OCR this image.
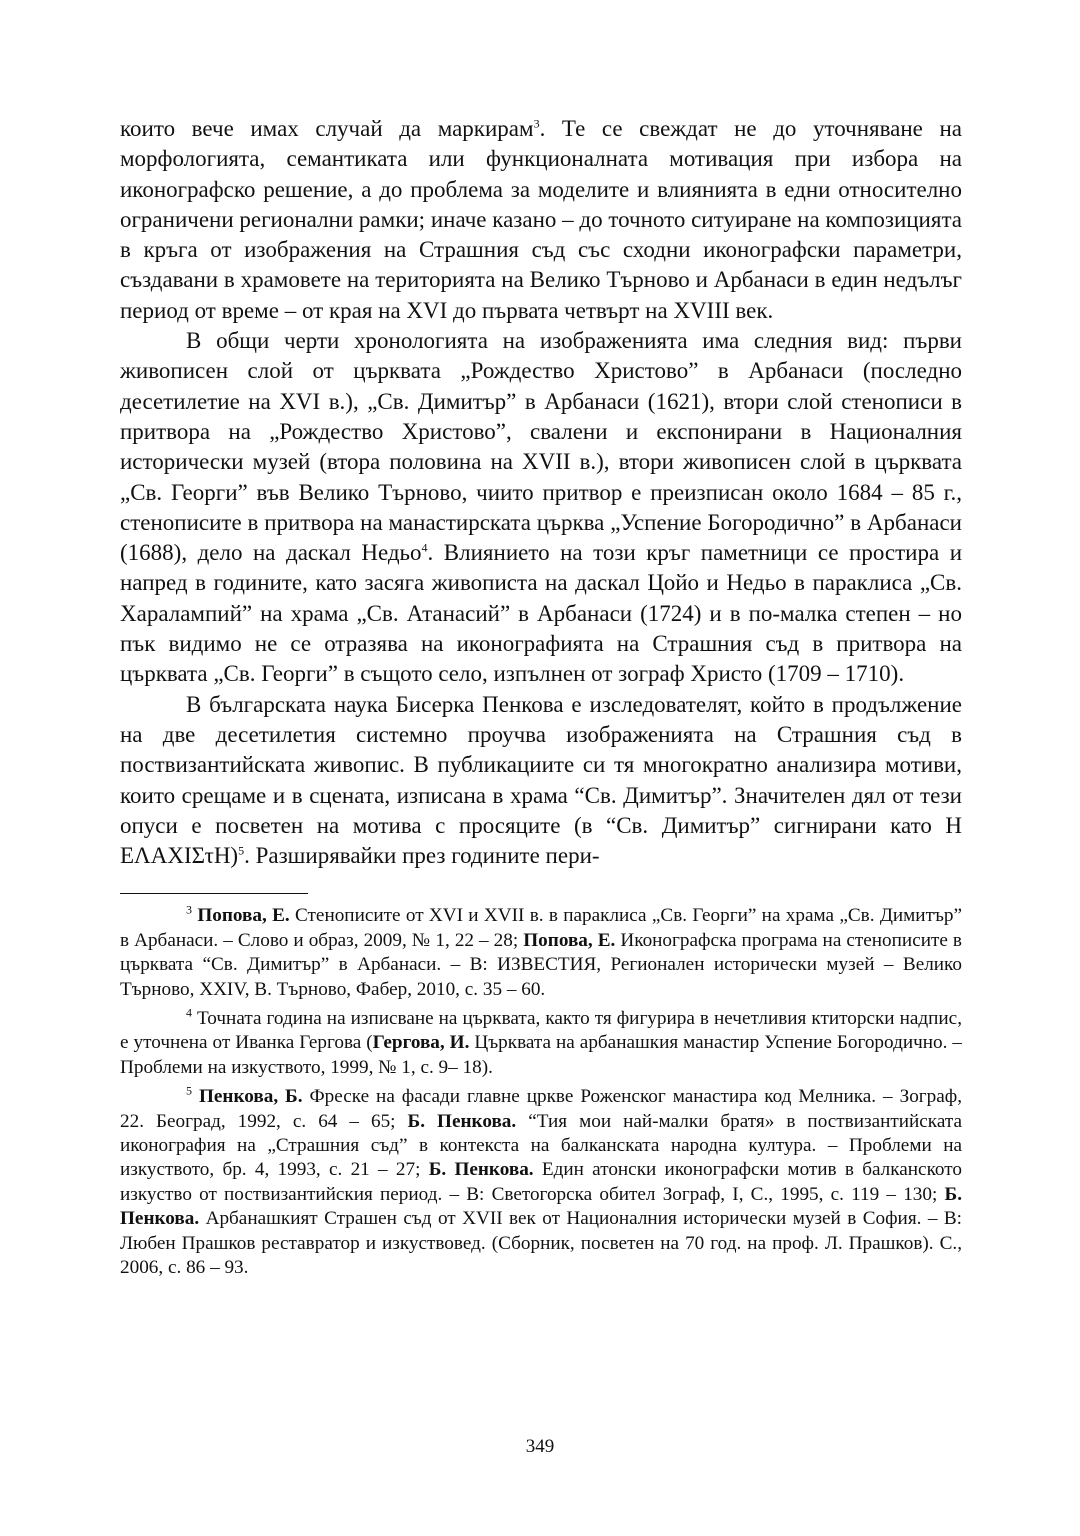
които вече имах случай да маркирам$^3$. Те се свеждат не до уточняване на морфологията, семантиката или функционалната мотивация при избора на иконографско решение, а до проблема за моделите и влиянията в едни относително ограничени регионални рамки; иначе казано – до точното ситуиране на композицията в кръга от изображения на Страшния съд със сходни иконографски параметри, създавани в храмовете на територията на Велико Търново и Арбанаси в един недълъг период от време – от края на XVI до първата четвърт на XVIII век.

В общи черти хронологията на изображенията има следния вид: първи живописен слой от църквата „Рождество Христово” в Арбанаси (последно десетилетие на XVI в.), „Св. Димитър” в Арбанаси (1621), втори слой стенописи в притвора на „Рождество Христово”, свалени и експонирани в Националния исторически музей (втора половина на XVII в.), втори живописен слой в църквата „Св. Георги” във Велико Търново, чиито притвор е преизписан около 1684 – 85 г., стенописите в притвора на манастирската църква „Успение Богородично” в Арбанаси (1688), дело на даскал Недьо$^4$. Влиянието на този кръг паметници се простира и напред в годините, като засяга живописта на даскал Цойо и Недьо в параклиса „Св. Харалампий” на храма „Св. Атанасий” в Арбанаси (1724) и в по-малка степен – но пък видимо не се отразява на иконографията на Страшния съд в притвора на църквата „Св. Георги” в същото село, изпълнен от зограф Христо (1709 – 1710).

В българската наука Бисерка Пенкова е изследователят, който в продължение на две десетилетия системно проучва изображенията на Страшния съд в поствизантийската живопис. В публикациите си тя многократно анализира мотиви, които срещаме и в сцената, изписана в храма “Св. Димитър”. Значителен дял от тези опуси е посветен на мотива с просяците (в “Св. Димитър” сигнирани като Н ΕΛΑΧΙΣτΗ)$^5$. Разширявайки през годините пери-

$^3$ Попова, Е. Стенописите от XVI и XVII в. в параклиса „Св. Георги” на храма „Св. Димитър” в Арбанаси. – Слово и образ, 2009, № 1, 22 – 28; Попова, Е. Иконографска програма на стенописите в църквата “Св. Димитър” в Арбанаси. – В: ИЗВЕСТИЯ, Регионален исторически музей – Велико Търново, XXIV, В. Търново, Фабер, 2010, с. 35 – 60.

$^4$ Точната година на изписване на църквата, както тя фигурира в нечетливия ктиторски надпис, е уточнена от Иванка Гергова (Гергова, И. Църквата на арбанашкия манастир Успение Богородично. – Проблеми на изкуството, 1999, № 1, с. 9– 18).

$^5$ Пенкова, Б. Фреске на фасади главне цркве Роженског манастира код Мелника. – Зограф, 22. Београд, 1992, с. 64 – 65; Б. Пенкова. “Тия мои най-малки братя» в поствизантийската иконография на „Страшния съд” в контекста на балканската народна култура. – Проблеми на изкуството, бр. 4, 1993, с. 21 – 27; Б. Пенкова. Един атонски иконографски мотив в балканското изкуство от поствизантийския период. – В: Светогорска обител Зограф, I, С., 1995, с. 119 – 130; Б. Пенкова. Арбанашкият Страшен съд от XVII век от Националния исторически музей в София. – В: Любен Прашков реставратор и изкуствовед. (Сборник, посветен на 70 год. на проф. Л. Прашков). С., 2006, с. 86 – 93.

349
